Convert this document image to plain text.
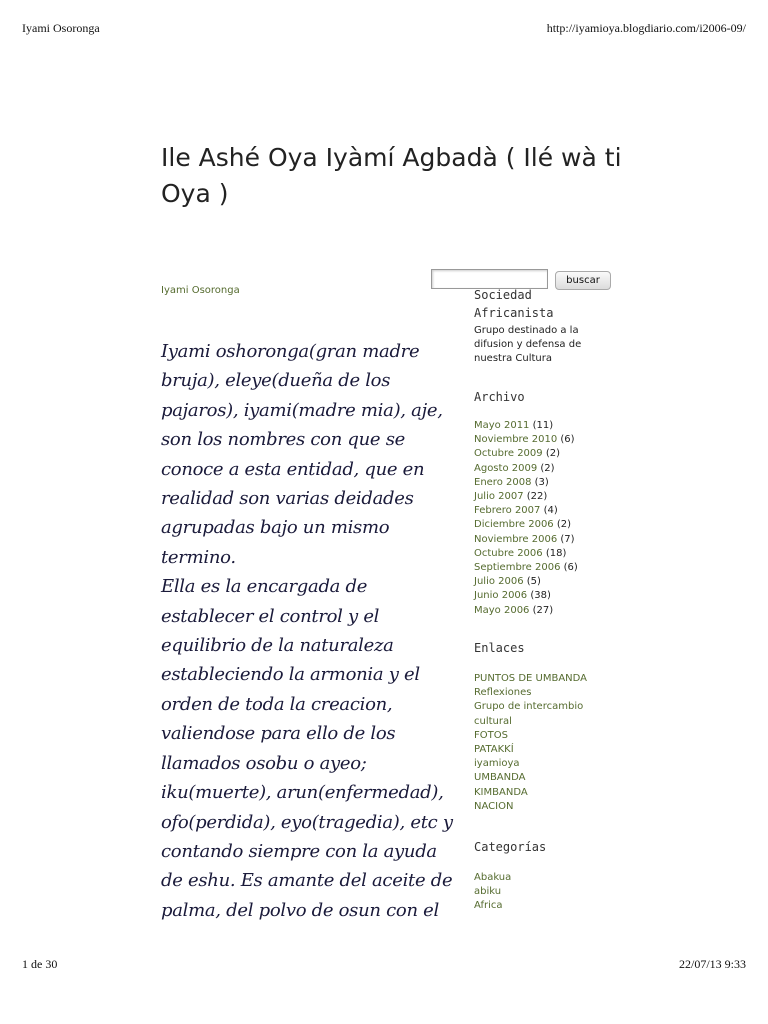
Iyami Osoronga	http://iyamioya.blogdiario.com/i2006-09/
Ile Ashé Oya Iyàmí Agbadà ( Ilé wà ti Oya )
Iyami Osoronga
Iyami oshoronga(gran madre bruja), eleye(dueña de los pajaros), iyami(madre mia), aje, son los nombres con que se conoce a esta entidad, que en realidad son varias deidades agrupadas bajo un mismo termino.
Ella es la encargada de establecer el control y el equilibrio de la naturaleza estableciendo la armonia y el orden de toda la creacion, valiendose para ello de los llamados osobu o ayeo; iku(muerte), arun(enfermedad), ofo(perdida), eyo(tragedia), etc y contando siempre con la ayuda de eshu. Es amante del aceite de palma, del polvo de osun con el
buscar
Sociedad Africanista
Grupo destinado a la difusion y defensa de nuestra Cultura
Archivo
Mayo 2011 (11)
Noviembre 2010 (6)
Octubre 2009 (2)
Agosto 2009 (2)
Enero 2008 (3)
Julio 2007 (22)
Febrero 2007 (4)
Diciembre 2006 (2)
Noviembre 2006 (7)
Octubre 2006 (18)
Septiembre 2006 (6)
Julio 2006 (5)
Junio 2006 (38)
Mayo 2006 (27)
Enlaces
PUNTOS DE UMBANDA
Reflexiones
Grupo de intercambio cultural
FOTOS
PATAKKÍ
iyamioya
UMBANDA
KIMBANDA
NACION
Categorías
Abakua
abiku
Africa
1 de 30	22/07/13 9:33
